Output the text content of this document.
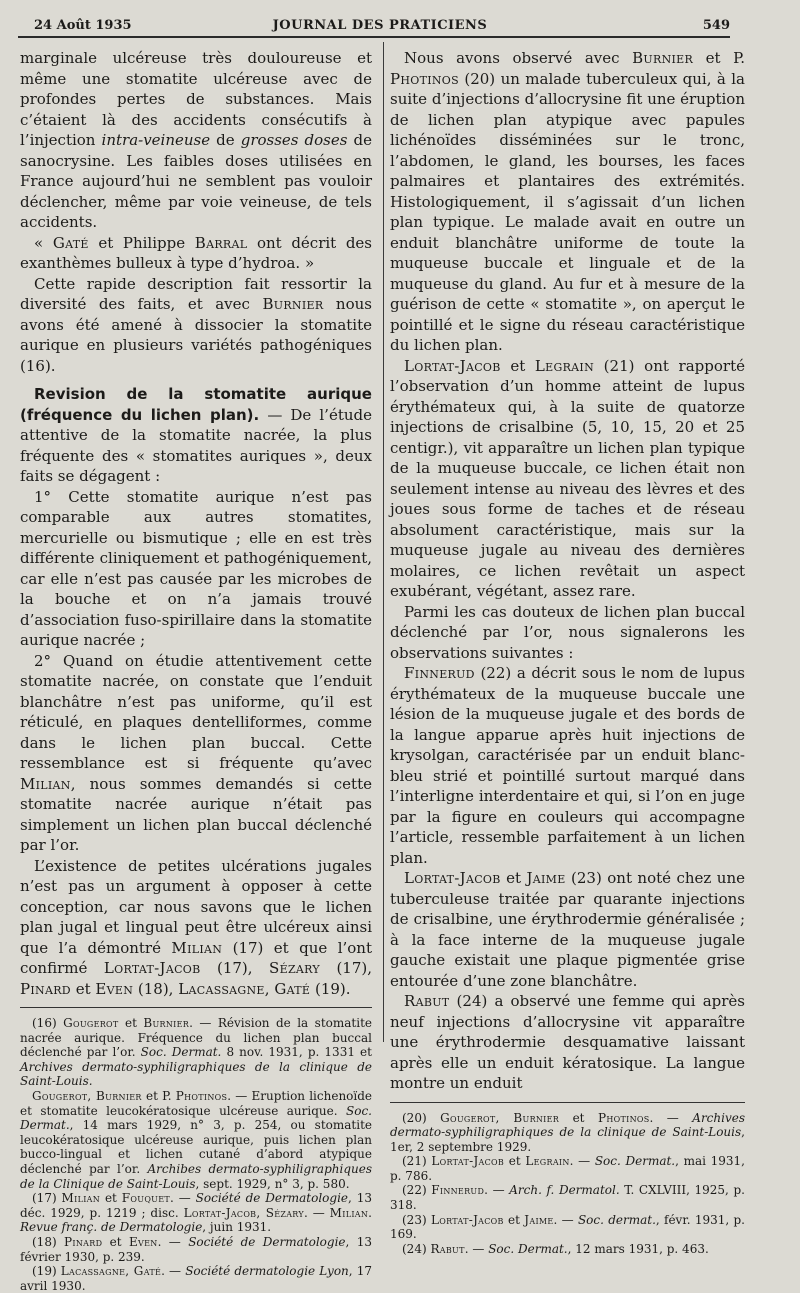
24 Août 1935	JOURNAL DES PRATICIENS	549

marginale ulcéreuse très douloureuse et même une stomatite ulcéreuse avec de profondes pertes de substances. Mais c’étaient là des accidents consécutifs à l’injection intra-veineuse de grosses doses de sanocrysine. Les faibles doses utilisées en France aujourd’hui ne semblent pas vouloir déclencher, même par voie veineuse, de tels accidents.

« Gaté et Philippe Barral ont décrit des exanthèmes bulleux à type d’hydroa. »

Cette rapide description fait ressortir la diversité des faits, et avec Burnier nous avons été amené à dissocier la stomatite aurique en plusieurs variétés pathogéniques (16).

Revision de la stomatite aurique (fréquence du lichen plan). — De l’étude attentive de la stomatite nacrée, la plus fréquente des « stomatites auriques », deux faits se dégagent :

1° Cette stomatite aurique n’est pas comparable aux autres stomatites, mercurielle ou bismutique ; elle en est très différente cliniquement et pathogéniquement, car elle n’est pas causée par les microbes de la bouche et on n’a jamais trouvé d’association fuso-spirillaire dans la stomatite aurique nacrée ;

2° Quand on étudie attentivement cette stomatite nacrée, on constate que l’enduit blanchâtre n’est pas uniforme, qu’il est réticulé, en plaques dentelliformes, comme dans le lichen plan buccal. Cette ressemblance est si fréquente qu’avec Milian, nous sommes demandés si cette stomatite nacrée aurique n’était pas simplement un lichen plan buccal déclenché par l’or.

L’existence de petites ulcérations jugales n’est pas un argument à opposer à cette conception, car nous savons que le lichen plan jugal et lingual peut être ulcéreux ainsi que l’a démontré Milian (17) et que l’ont confirmé Lortat-Jacob (17), Sézary (17), Pinard et Even (18), Lacassagne, Gaté (19).

(16) Gougerot et Burnier. — Révision de la stomatite nacrée aurique. Fréquence du lichen plan buccal déclenché par l’or. Soc. Dermat. 8 nov. 1931, p. 1331 et Archives dermato-syphiligraphiques de la clinique de Saint-Louis.

Gougerot, Burnier et P. Photinos. — Eruption lichenoïde et stomatite leucokératosique ulcéreuse aurique. Soc. Dermat., 14 mars 1929, n° 3, p. 254, ou stomatite leucokératosique ulcéreuse aurique, puis lichen plan bucco-lingual et lichen cutané d’abord atypique déclenché par l’or. Archibes dermato-syphiligraphiques de la Clinique de Saint-Louis, sept. 1929, n° 3, p. 580.

(17) Milian et Fouquet. — Société de Dermatologie, 13 déc. 1929, p. 1219 ; disc. Lortat-Jacob, Sézary. — Milian. Revue franç. de Dermatologie, juin 1931.

(18) Pinard et Even. — Société de Dermatologie, 13 février 1930, p. 239.

(19) Lacassagne, Gaté. — Société dermatologie Lyon, 17 avril 1930.

Nous avons observé avec Burnier et P. Photinos (20) un malade tuberculeux qui, à la suite d’injections d’allocrysine fit une éruption de lichen plan atypique avec papules lichénoïdes disséminées sur le tronc, l’abdomen, le gland, les bourses, les faces palmaires et plantaires des extrémités. Histologiquement, il s’agissait d’un lichen plan typique. Le malade avait en outre un enduit blanchâtre uniforme de toute la muqueuse buccale et linguale et de la muqueuse du gland. Au fur et à mesure de la guérison de cette « stomatite », on aperçut le pointillé et le signe du réseau caractéristique du lichen plan.

Lortat-Jacob et Legrain (21) ont rapporté l’observation d’un homme atteint de lupus érythémateux qui, à la suite de quatorze injections de crisalbine (5, 10, 15, 20 et 25 centigr.), vit apparaître un lichen plan typique de la muqueuse buccale, ce lichen était non seulement intense au niveau des lèvres et des joues sous forme de taches et de réseau absolument caractéristique, mais sur la muqueuse jugale au niveau des dernières molaires, ce lichen revêtait un aspect exubérant, végétant, assez rare.

Parmi les cas douteux de lichen plan buccal déclenché par l’or, nous signalerons les observations suivantes :

Finnerud (22) a décrit sous le nom de lupus érythémateux de la muqueuse buccale une lésion de la muqueuse jugale et des bords de la langue apparue après huit injections de krysolgan, caractérisée par un enduit blanc-bleu strié et pointillé surtout marqué dans l’interligne interdentaire et qui, si l’on en juge par la figure en couleurs qui accompagne l’article, ressemble parfaitement à un lichen plan.

Lortat-Jacob et Jaime (23) ont noté chez une tuberculeuse traitée par quarante injections de crisalbine, une érythrodermie généralisée ; à la face interne de la muqueuse jugale gauche existait une plaque pigmentée grise entourée d’une zone blanchâtre.

Rabut (24) a observé une femme qui après neuf injections d’allocrysine vit apparaître une érythrodermie desquamative laissant après elle un enduit kératosique. La langue montre un enduit

(20) Gougerot, Burnier et Photinos. — Archives dermato-syphiligraphiques de la clinique de Saint-Louis, 1er, 2 septembre 1929.

(21) Lortat-Jacob et Legrain. — Soc. Dermat., mai 1931, p. 786.

(22) Finnerud. — Arch. f. Dermatol. T. CXLVIII, 1925, p. 318.

(23) Lortat-Jacob et Jaime. — Soc. dermat., févr. 1931, p. 169.

(24) Rabut. — Soc. Dermat., 12 mars 1931, p. 463.
